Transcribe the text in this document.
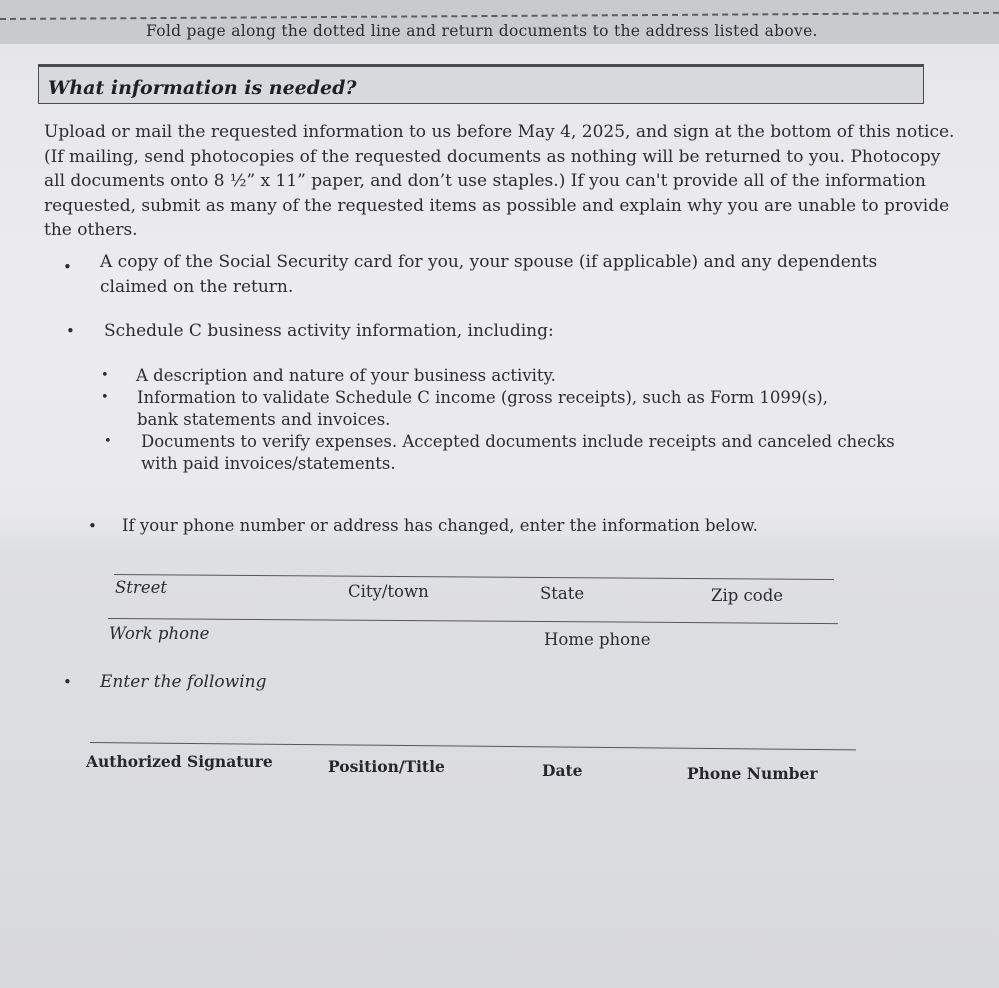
Fold page along the dotted line and return documents to the address listed above.
What information is needed?
Upload or mail the requested information to us before May 4, 2025, and sign at the bottom of this notice.
(If mailing, send photocopies of the requested documents as nothing will be returned to you. Photocopy
all documents onto 8 ½” x 11” paper, and don’t use staples.) If you can't provide all of the information
requested, submit as many of the requested items as possible and explain why you are unable to provide
the others.
• A copy of the Social Security card for you, your spouse (if applicable) and any dependents claimed on the return.
• Schedule C business activity information, including:
• A description and nature of your business activity.
• Information to validate Schedule C income (gross receipts), such as Form 1099(s), bank statements and invoices.
• Documents to verify expenses. Accepted documents include receipts and canceled checks with paid invoices/statements.
• If your phone number or address has changed, enter the information below.
Street	City/town	State	Zip code
Work phone	Home phone
• Enter the following
Authorized Signature	Position/Title	Date	Phone Number
